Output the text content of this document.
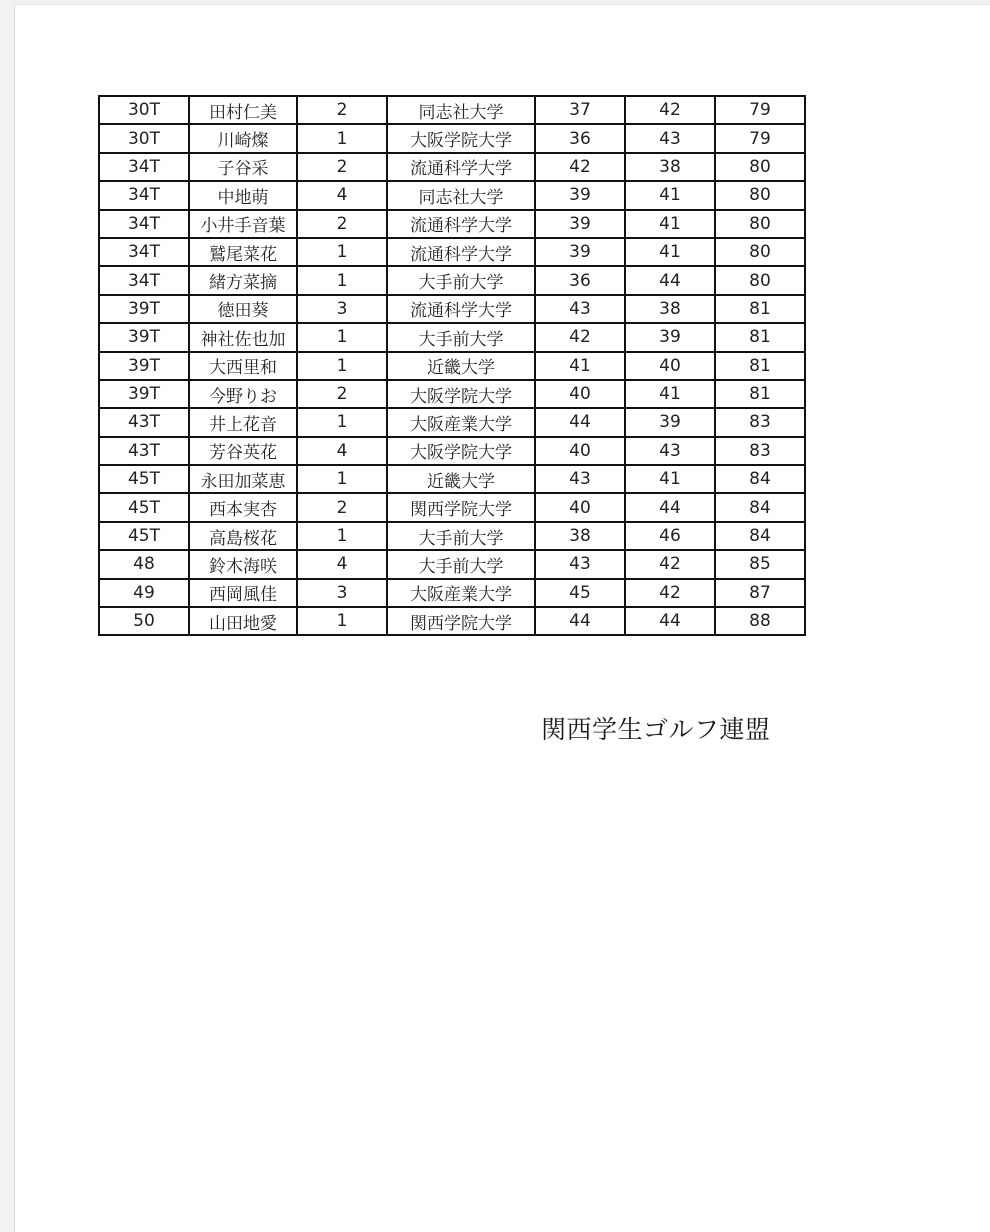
30T	田村仁美	2	同志社大学	37	42	79
30T	川崎燦	1	大阪学院大学	36	43	79
34T	子谷采	2	流通科学大学	42	38	80
34T	中地萌	4	同志社大学	39	41	80
34T	小井手音葉	2	流通科学大学	39	41	80
34T	鷲尾菜花	1	流通科学大学	39	41	80
34T	緒方菜摘	1	大手前大学	36	44	80
39T	徳田葵	3	流通科学大学	43	38	81
39T	神社佐也加	1	大手前大学	42	39	81
39T	大西里和	1	近畿大学	41	40	81
39T	今野りお	2	大阪学院大学	40	41	81
43T	井上花音	1	大阪産業大学	44	39	83
43T	芳谷英花	4	大阪学院大学	40	43	83
45T	永田加菜恵	1	近畿大学	43	41	84
45T	西本実杏	2	関西学院大学	40	44	84
45T	高島桜花	1	大手前大学	38	46	84
48	鈴木海咲	4	大手前大学	43	42	85
49	西岡風佳	3	大阪産業大学	45	42	87
50	山田地愛	1	関西学院大学	44	44	88
関西学生ゴルフ連盟
